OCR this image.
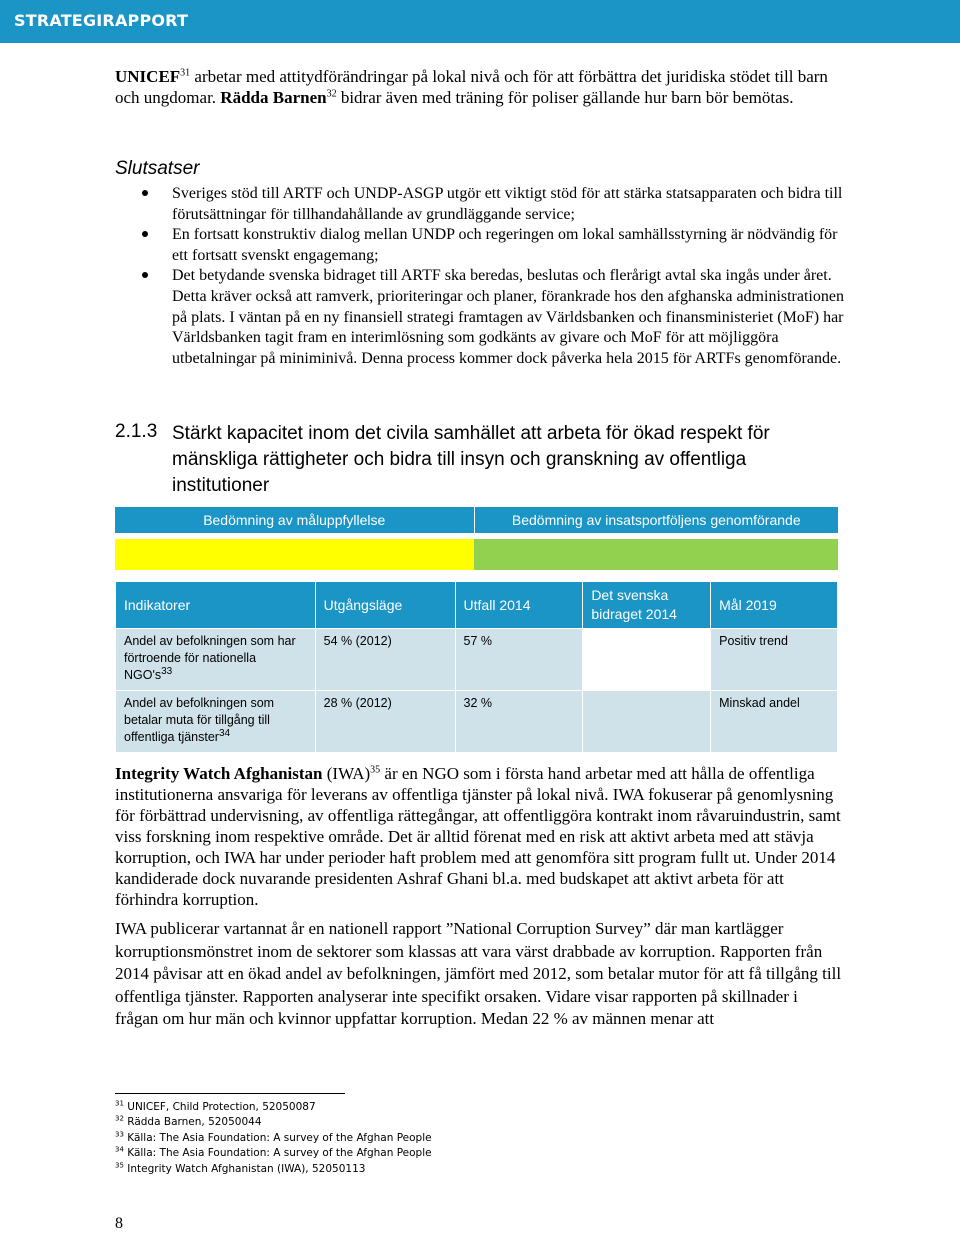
STRATEGIRAPPORT

UNICEF$^{31}$ arbetar med attitydförändringar på lokal nivå och för att förbättra det juridiska stödet till barn och ungdomar. Rädda Barnen$^{32}$ bidrar även med träning för poliser gällande hur barn bör bemötas.

Slutsatser
Sveriges stöd till ARTF och UNDP-ASGP utgör ett viktigt stöd för att stärka statsapparaten och bidra till förutsättningar för tillhandahållande av grundläggande service;
En fortsatt konstruktiv dialog mellan UNDP och regeringen om lokal samhällsstyrning är nödvändig för ett fortsatt svenskt engagemang;
Det betydande svenska bidraget till ARTF ska beredas, beslutas och flerårigt avtal ska ingås under året. Detta kräver också att ramverk, prioriteringar och planer, förankrade hos den afghanska administrationen på plats. I väntan på en ny finansiell strategi framtagen av Världsbanken och finansministeriet (MoF) har Världsbanken tagit fram en interimlösning som godkänts av givare och MoF för att möjliggöra utbetalningar på miniminivå. Denna process kommer dock påverka hela 2015 för ARTFs genomförande.
2.1.3 Stärkt kapacitet inom det civila samhället att arbeta för ökad respekt för mänskliga rättigheter och bidra till insyn och granskning av offentliga institutioner
Bedömning av måluppfyllelse	Bedömning av insatsportföljens genomförande
Indikatorer	Utgångsläge	Utfall 2014	Det svenska bidraget 2014	Mål 2019
Andel av befolkningen som har förtroende för nationella $NGO's^{33}$	54 % (2012)	57 %		Positiv trend
Andel av befolkningen som betalar muta för tillgång till offentliga tjänster$^{34}$	28 % (2012)	32 %		Minskad andel

Integrity Watch Afghanistan (IWA)$^{35}$ är en NGO som i första hand arbetar med att hålla de offentliga institutionerna ansvariga för leverans av offentliga tjänster på lokal nivå. IWA fokuserar på genomlysning för förbättrad undervisning, av offentliga rättegångar, att offentliggöra kontrakt inom råvaruindustrin, samt viss forskning inom respektive område. Det är alltid förenat med en risk att aktivt arbeta med att stävja korruption, och IWA har under perioder haft problem med att genomföra sitt program fullt ut. Under 2014 kandiderade dock nuvarande presidenten Ashraf Ghani bl.a. med budskapet att aktivt arbeta för att förhindra korruption.

IWA publicerar vartannat år en nationell rapport ”National Corruption Survey” där man kartlägger korruptionsmönstret inom de sektorer som klassas att vara värst drabbade av korruption. Rapporten från 2014 påvisar att en ökad andel av befolkningen, jämfört med 2012, som betalar mutor för att få tillgång till offentliga tjänster. Rapporten analyserar inte specifikt orsaken. Vidare visar rapporten på skillnader i frågan om hur män och kvinnor uppfattar korruption. Medan 22 % av männen menar att

$^{31}$ UNICEF, Child Protection, 52050087
$^{32}$ Rädda Barnen, 52050044
$^{33}$ Källa: The Asia Foundation: A survey of the Afghan People
$^{34}$ Källa: The Asia Foundation: A survey of the Afghan People
$^{35}$ Integrity Watch Afghanistan (IWA), 52050113
8
